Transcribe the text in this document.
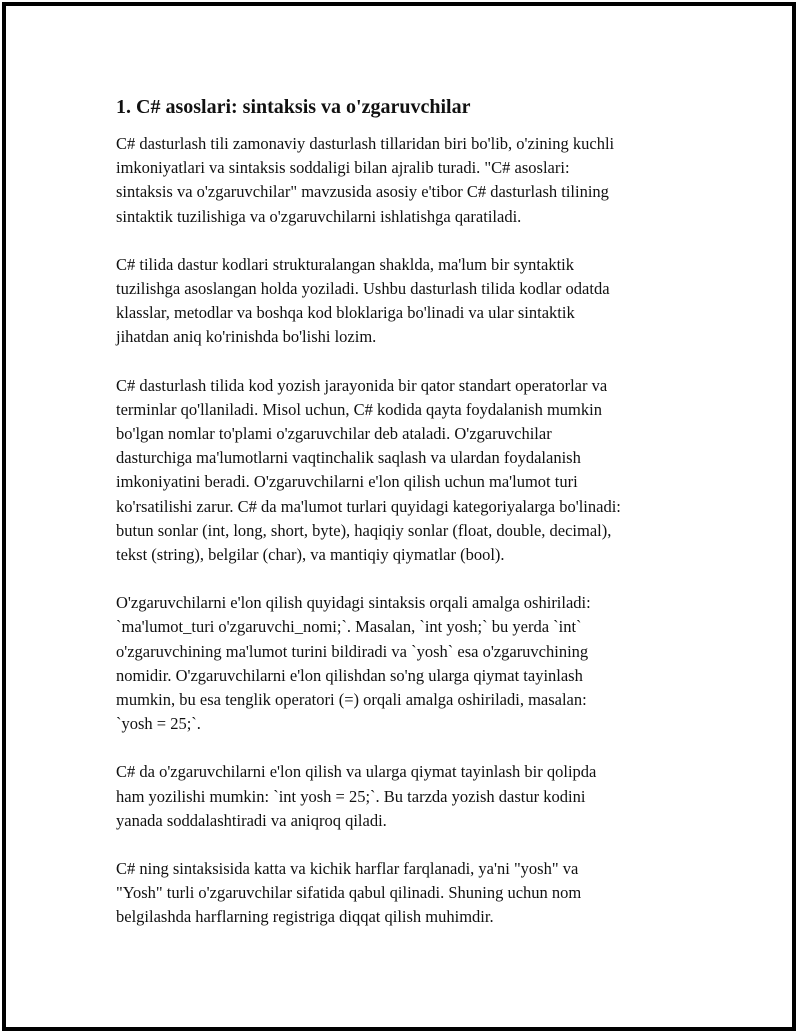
1. C# asoslari: sintaksis va o'zgaruvchilar

C# dasturlash tili zamonaviy dasturlash tillaridan biri bo'lib, o'zining kuchli
imkoniyatlari va sintaksis soddaligi bilan ajralib turadi. "C# asoslari:
sintaksis va o'zgaruvchilar" mavzusida asosiy e'tibor C# dasturlash tilining
sintaktik tuzilishiga va o'zgaruvchilarni ishlatishga qaratiladi.

C# tilida dastur kodlari strukturalangan shaklda, ma'lum bir syntaktik
tuzilishga asoslangan holda yoziladi. Ushbu dasturlash tilida kodlar odatda
klasslar, metodlar va boshqa kod bloklariga bo'linadi va ular sintaktik
jihatdan aniq ko'rinishda bo'lishi lozim.

C# dasturlash tilida kod yozish jarayonida bir qator standart operatorlar va
terminlar qo'llaniladi. Misol uchun, C# kodida qayta foydalanish mumkin
bo'lgan nomlar to'plami o'zgaruvchilar deb ataladi. O'zgaruvchilar
dasturchiga ma'lumotlarni vaqtinchalik saqlash va ulardan foydalanish
imkoniyatini beradi. O'zgaruvchilarni e'lon qilish uchun ma'lumot turi
ko'rsatilishi zarur. C# da ma'lumot turlari quyidagi kategoriyalarga bo'linadi:
butun sonlar (int, long, short, byte), haqiqiy sonlar (float, double, decimal),
tekst (string), belgilar (char), va mantiqiy qiymatlar (bool).

O'zgaruvchilarni e'lon qilish quyidagi sintaksis orqali amalga oshiriladi:
`ma'lumot_turi o'zgaruvchi_nomi;`. Masalan, `int yosh;` bu yerda `int`
o'zgaruvchining ma'lumot turini bildiradi va `yosh` esa o'zgaruvchining
nomidir. O'zgaruvchilarni e'lon qilishdan so'ng ularga qiymat tayinlash
mumkin, bu esa tenglik operatori (=) orqali amalga oshiriladi, masalan:
`yosh = 25;`.

C# da o'zgaruvchilarni e'lon qilish va ularga qiymat tayinlash bir qolipda
ham yozilishi mumkin: `int yosh = 25;`. Bu tarzda yozish dastur kodini
yanada soddalashtiradi va aniqroq qiladi.

C# ning sintaksisida katta va kichik harflar farqlanadi, ya'ni "yosh" va
"Yosh" turli o'zgaruvchilar sifatida qabul qilinadi. Shuning uchun nom
belgilashda harflarning registriga diqqat qilish muhimdir.
